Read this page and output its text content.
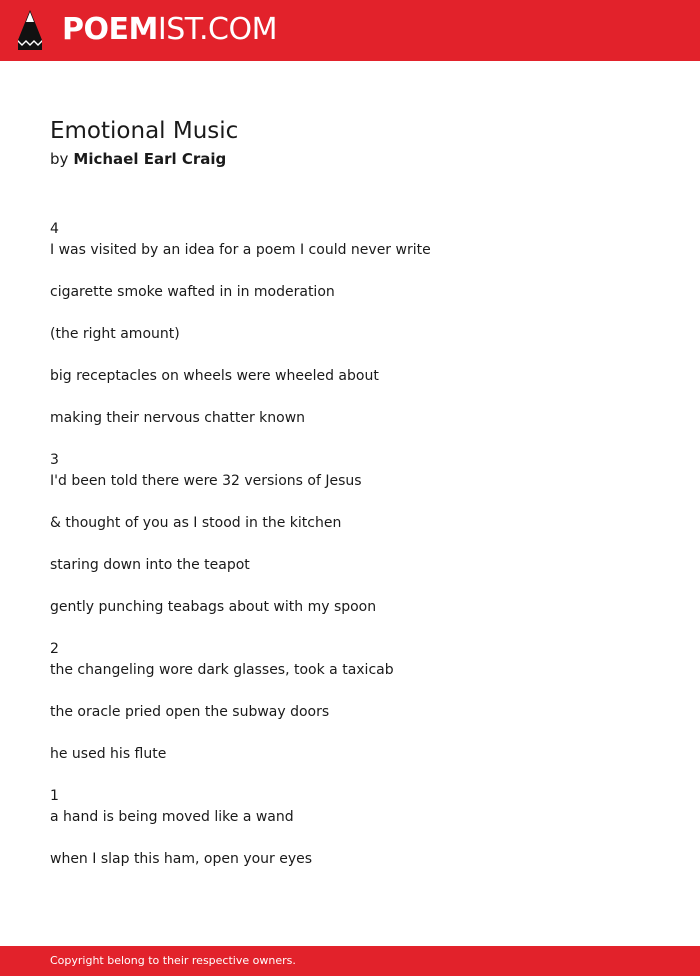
POEMIST.COM
Emotional Music
by Michael Earl Craig
4
I was visited by an idea for a poem I could never write
cigarette smoke wafted in in moderation
(the right amount)
big receptacles on wheels were wheeled about
making their nervous chatter known
3
I'd been told there were 32 versions of Jesus
& thought of you as I stood in the kitchen
staring down into the teapot
gently punching teabags about with my spoon
2
the changeling wore dark glasses, took a taxicab
the oracle pried open the subway doors
he used his flute
1
a hand is being moved like a wand
when I slap this ham, open your eyes
Copyright belong to their respective owners.
